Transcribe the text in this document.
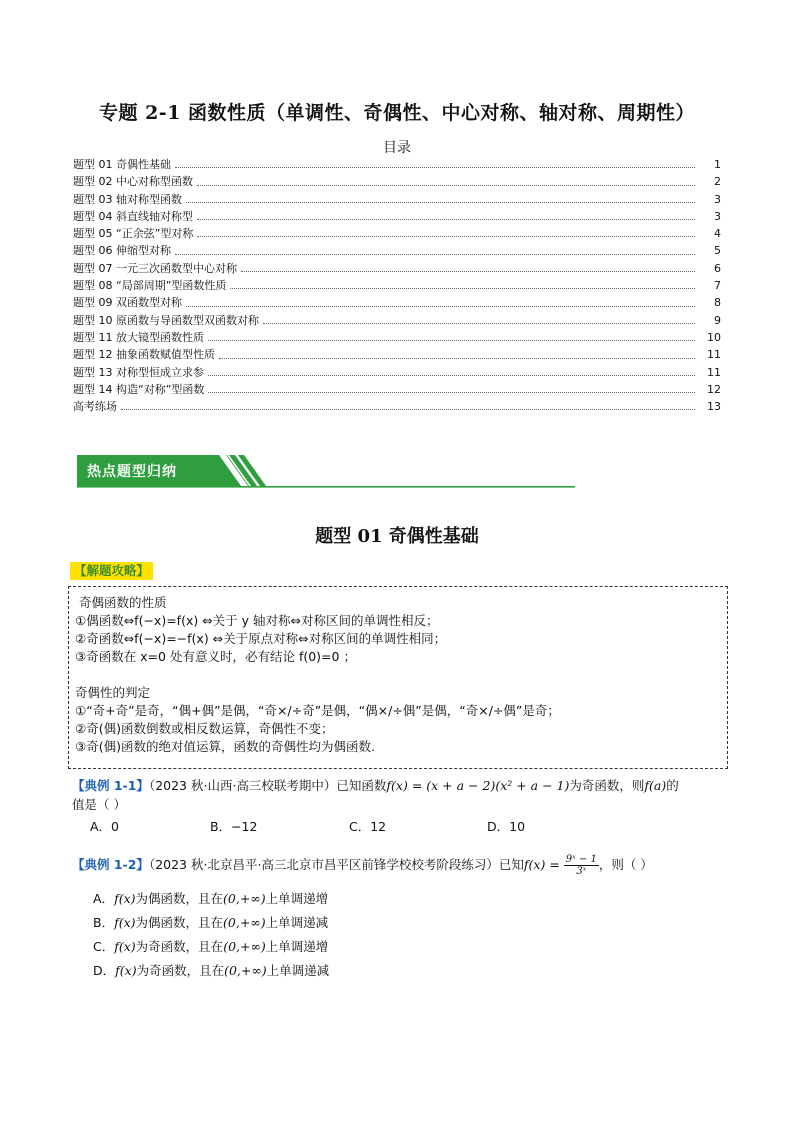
专题 2-1 函数性质（单调性、奇偶性、中心对称、轴对称、周期性）
目录
题型 01 奇偶性基础	1
题型 02 中心对称型函数	2
题型 03 轴对称型函数	3
题型 04 斜直线轴对称型	3
题型 05 “正余弦”型对称	4
题型 06 伸缩型对称	5
题型 07 一元三次函数型中心对称	6
题型 08 “局部周期”型函数性质	7
题型 09 双函数型对称	8
题型 10 原函数与导函数型双函数对称	9
题型 11 放大镜型函数性质	10
题型 12 抽象函数赋值型性质	11
题型 13 对称型恒成立求参	11
题型 14 构造“对称”型函数	12
高考练场	13
热点题型归纳
题型 01 奇偶性基础
【解题攻略】
奇偶函数的性质
①偶函数⇔f(−x)=f(x) ⇔关于 y 轴对称⇔对称区间的单调性相反；
②奇函数⇔f(−x)=−f(x) ⇔关于原点对称⇔对称区间的单调性相同；
③奇函数在 x=0 处有意义时，必有结论 f(0)=0 ；
奇偶性的判定
①“奇+奇”是奇，“偶+偶”是偶，“奇×/÷奇”是偶，“偶×/÷偶”是偶，“奇×/÷偶”是奇；
②奇(偶)函数倒数或相反数运算，奇偶性不变；
③奇(偶)函数的绝对值运算，函数的奇偶性均为偶函数.
【典例 1-1】（2023 秋·山西·高三校联考期中）已知函数f(x) = (x + a − 2)(x² + a − 1)为奇函数，则f(a)的
值是（ ）
A．0	B．−12	C．12	D．10
【典例 1-2】（2023 秋·北京昌平·高三北京市昌平区前锋学校校考阶段练习）已知$f(x) = \frac{\text{9ˣ − 1}}{\text{3ˣ}}$ ，则（ ）
A．f(x)为偶函数，且在(0,+∞)上单调递增
B．f(x)为偶函数，且在(0,+∞)上单调递减
C．f(x)为奇函数，且在(0,+∞)上单调递增
D．f(x)为奇函数，且在(0,+∞)上单调递减
